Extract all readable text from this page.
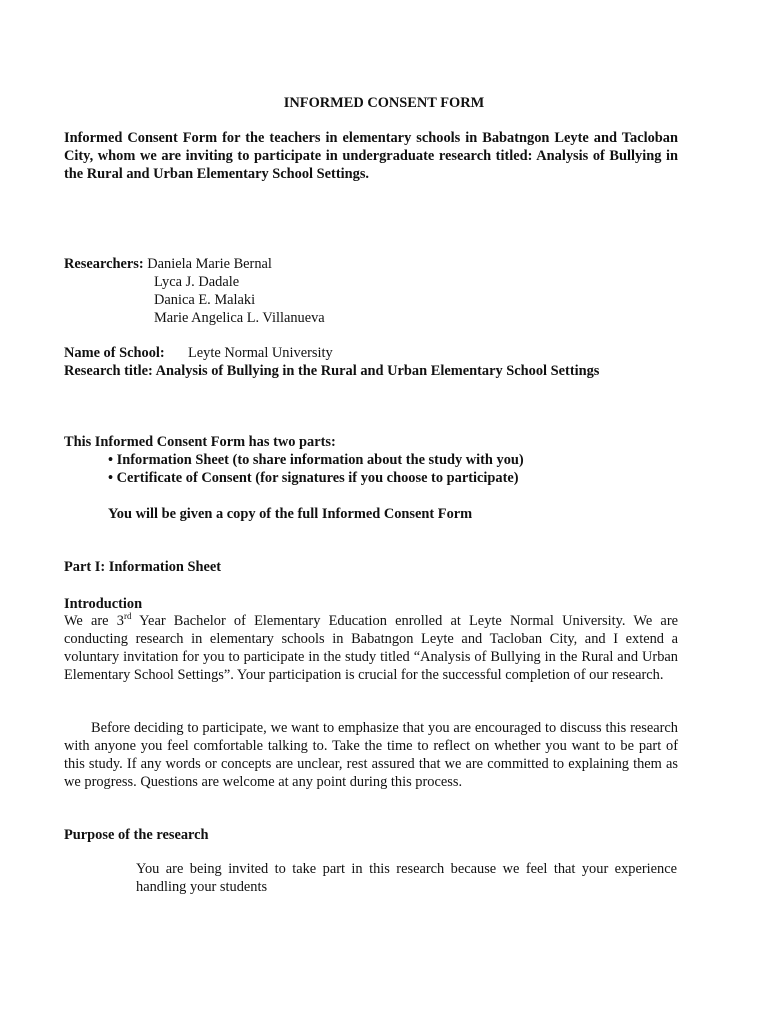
INFORMED CONSENT FORM
Informed Consent Form for the teachers in elementary schools in Babatngon Leyte and Tacloban City, whom we are inviting to participate in undergraduate research titled: Analysis of Bullying in the Rural and Urban Elementary School Settings.
Researchers: Daniela Marie Bernal
Lyca J. Dadale
Danica E. Malaki
Marie Angelica L. Villanueva
Name of School: Leyte Normal University
Research title: Analysis of Bullying in the Rural and Urban Elementary School Settings
This Informed Consent Form has two parts:
• Information Sheet (to share information about the study with you)
• Certificate of Consent (for signatures if you choose to participate)
You will be given a copy of the full Informed Consent Form
Part I: Information Sheet
Introduction
We are 3rd Year Bachelor of Elementary Education enrolled at Leyte Normal University. We are conducting research in elementary schools in Babatngon Leyte and Tacloban City, and I extend a voluntary invitation for you to participate in the study titled “Analysis of Bullying in the Rural and Urban Elementary School Settings”. Your participation is crucial for the successful completion of our research.
Before deciding to participate, we want to emphasize that you are encouraged to discuss this research with anyone you feel comfortable talking to. Take the time to reflect on whether you want to be part of this study. If any words or concepts are unclear, rest assured that we are committed to explaining them as we progress. Questions are welcome at any point during this process.
Purpose of the research
You are being invited to take part in this research because we feel that your experience handling your students
